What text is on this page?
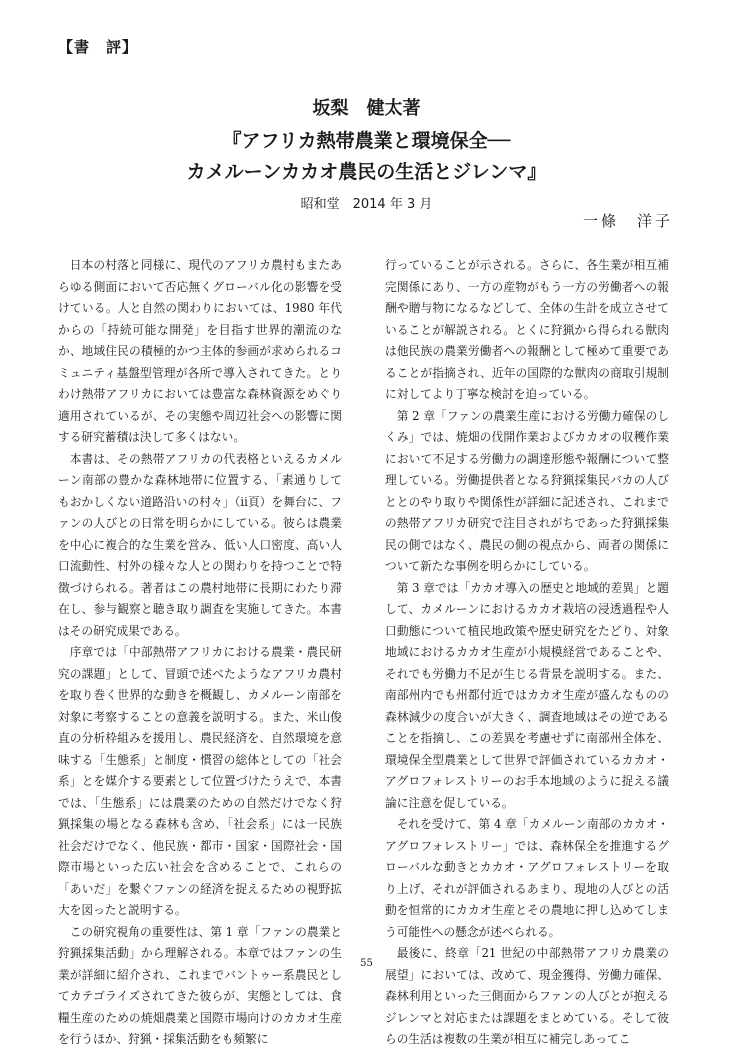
【書　評】
坂梨　健太著
『アフリカ熱帯農業と環境保全──
カメルーンカカオ農民の生活とジレンマ』
昭和堂　2014 年 3 月
一條　洋子

日本の村落と同様に、現代のアフリカ農村もまたあらゆる側面において否応無くグローバル化の影響を受けている。人と自然の関わりにおいては、1980 年代からの「持続可能な開発」を目指す世界的潮流のなか、地域住民の積極的かつ主体的参画が求められるコミュニティ基盤型管理が各所で導入されてきた。とりわけ熱帯アフリカにおいては豊富な森林資源をめぐり適用されているが、その実態や周辺社会への影響に関する研究蓄積は決して多くはない。

本書は、その熱帯アフリカの代表格といえるカメルーン南部の豊かな森林地帯に位置する、「素通りしてもおかしくない道路沿いの村々」（ⅱ頁）を舞台に、ファンの人びとの日常を明らかにしている。彼らは農業を中心に複合的な生業を営み、低い人口密度、高い人口流動性、村外の様々な人との関わりを持つことで特徴づけられる。著者はこの農村地帯に長期にわたり滞在し、参与観察と聴き取り調査を実施してきた。本書はその研究成果である。

序章では「中部熱帯アフリカにおける農業・農民研究の課題」として、冒頭で述べたようなアフリカ農村を取り巻く世界的な動きを概観し、カメルーン南部を対象に考察することの意義を説明する。また、米山俊直の分析枠組みを援用し、農民経済を、自然環境を意味する「生態系」と制度・慣習の総体としての「社会系」とを媒介する要素として位置づけたうえで、本書では、「生態系」には農業のための自然だけでなく狩猟採集の場となる森林も含め、「社会系」には一民族社会だけでなく、他民族・都市・国家・国際社会・国際市場といった広い社会を含めることで、これらの「あいだ」を繋ぐファンの経済を捉えるための視野拡大を図ったと説明する。

この研究視角の重要性は、第 1 章「ファンの農業と狩猟採集活動」から理解される。本章ではファンの生業が詳細に紹介され、これまでバントゥー系農民としてカテゴライズされてきた彼らが、実態としては、食糧生産のための焼畑農業と国際市場向けのカカオ生産を行うほか、狩猟・採集活動をも頻繁に

行っていることが示される。さらに、各生業が相互補完関係にあり、一方の産物がもう一方の労働者への報酬や贈与物になるなどして、全体の生計を成立させていることが解説される。とくに狩猟から得られる獣肉は他民族の農業労働者への報酬として極めて重要であることが指摘され、近年の国際的な獣肉の商取引規制に対してより丁寧な検討を迫っている。

第 2 章「ファンの農業生産における労働力確保のしくみ」では、焼畑の伐開作業およびカカオの収穫作業において不足する労働力の調達形態や報酬について整理している。労働提供者となる狩猟採集民バカの人びととのやり取りや関係性が詳細に記述され、これまでの熱帯アフリカ研究で注目されがちであった狩猟採集民の側ではなく、農民の側の視点から、両者の関係について新たな事例を明らかにしている。

第 3 章では「カカオ導入の歴史と地域的差異」と題して、カメルーンにおけるカカオ栽培の浸透過程や人口動態について植民地政策や歴史研究をたどり、対象地域におけるカカオ生産が小規模経営であることや、それでも労働力不足が生じる背景を説明する。また、南部州内でも州都付近ではカカオ生産が盛んなものの森林減少の度合いが大きく、調査地域はその逆であることを指摘し、この差異を考慮せずに南部州全体を、環境保全型農業として世界で評価されているカカオ・アグロフォレストリーのお手本地域のように捉える議論に注意を促している。

それを受けて、第 4 章「カメルーン南部のカカオ・アグロフォレストリー」では、森林保全を推進するグローバルな動きとカカオ・アグロフォレストリーを取り上げ、それが評価されるあまり、現地の人びとの活動を恒常的にカカオ生産とその農地に押し込めてしまう可能性への懸念が述べられる。

最後に、終章「21 世紀の中部熱帯アフリカ農業の展望」においては、改めて、現金獲得、労働力確保、森林利用といった三側面からファンの人びとが抱えるジレンマと対応または課題をまとめている。そして彼らの生活は複数の生業が相互に補完しあってこ

55
